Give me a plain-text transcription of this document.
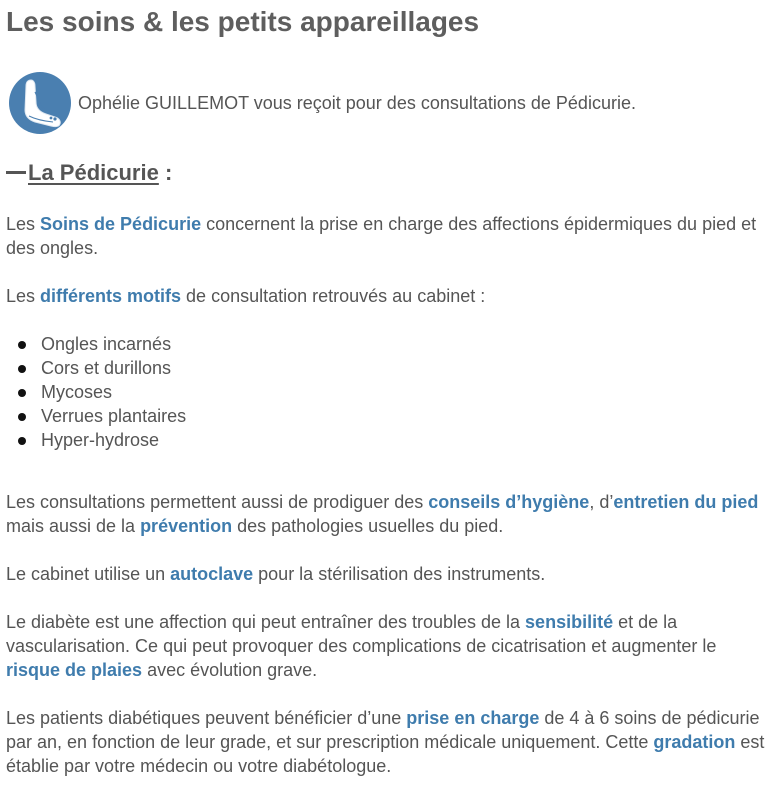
Les soins & les petits appareillages
Ophélie GUILLEMOT vous reçoit pour des consultations de Pédicurie.
La Pédicurie :

Les Soins de Pédicurie concernent la prise en charge des affections épidermiques du pied et des ongles.

Les différents motifs de consultation retrouvés au cabinet :

Ongles incarnés
Cors et durillons
Mycoses
Verrues plantaires
Hyper-hydrose

Les consultations permettent aussi de prodiguer des conseils d’hygiène, d’entretien du pied mais aussi de la prévention des pathologies usuelles du pied.

Le cabinet utilise un autoclave pour la stérilisation des instruments.

Le diabète est une affection qui peut entraîner des troubles de la sensibilité et de la vascularisation. Ce qui peut provoquer des complications de cicatrisation et augmenter le risque de plaies avec évolution grave.

Les patients diabétiques peuvent bénéficier d’une prise en charge de 4 à 6 soins de pédicurie par an, en fonction de leur grade, et sur prescription médicale uniquement. Cette gradation est établie par votre médecin ou votre diabétologue.
